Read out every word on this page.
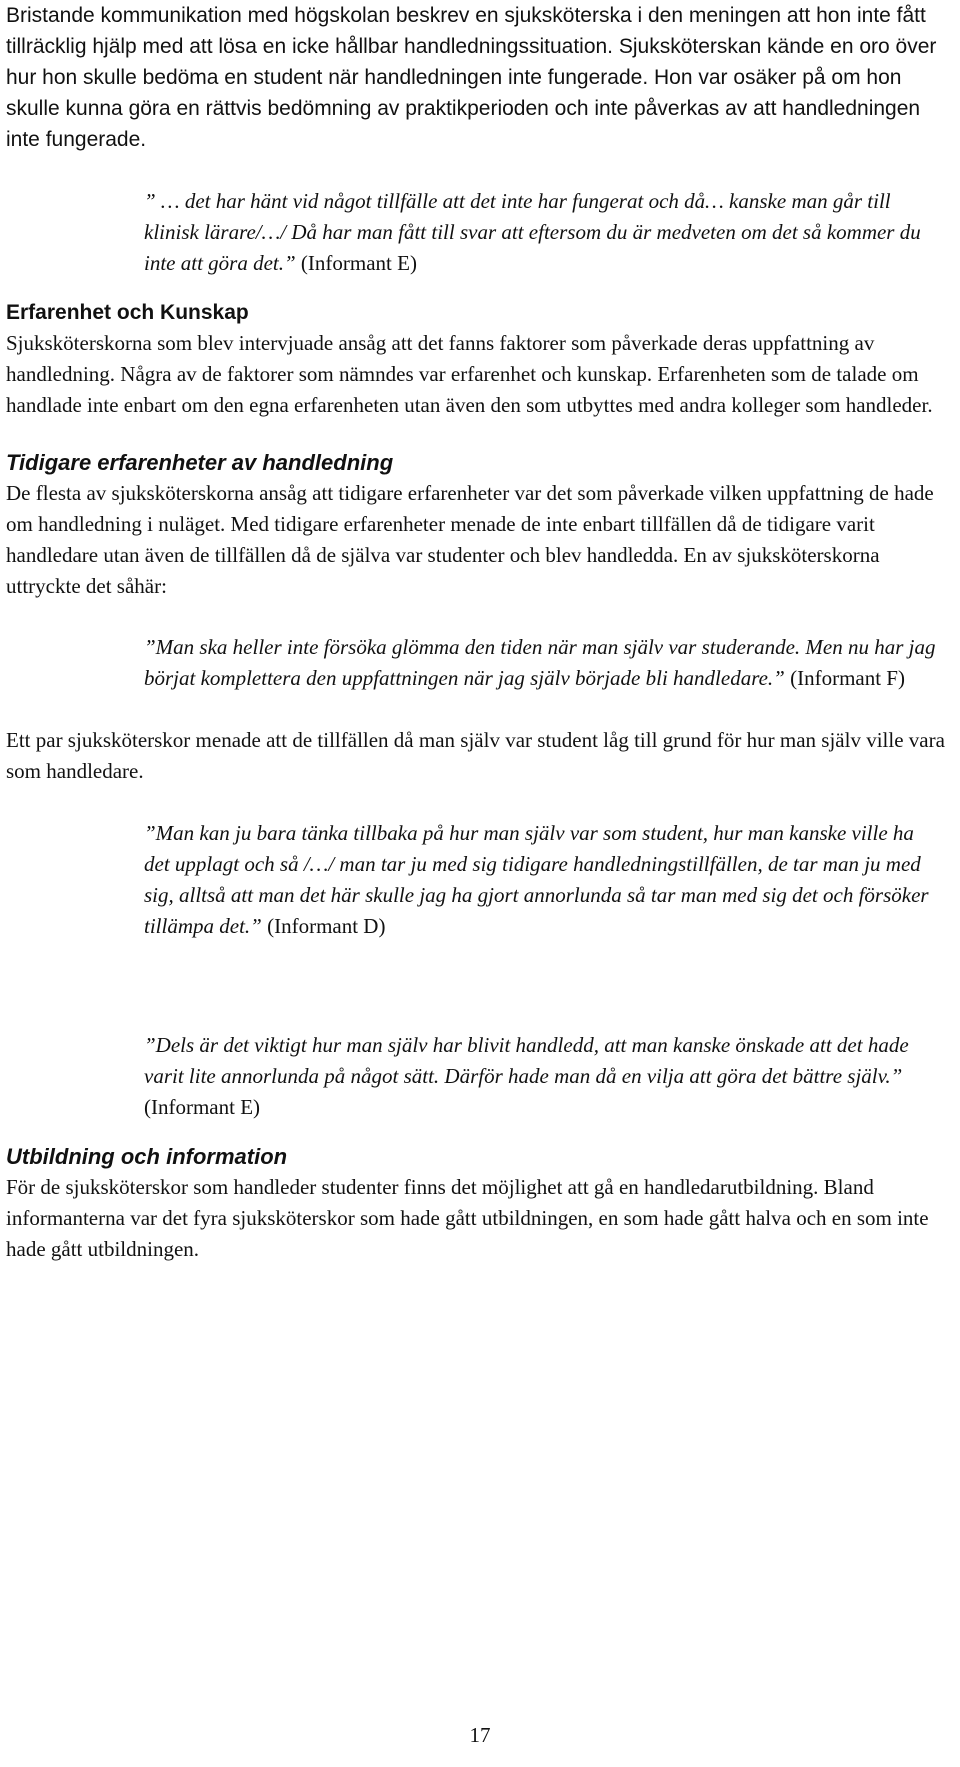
Bristande kommunikation med högskolan beskrev en sjuksköterska i den meningen att hon inte fått tillräcklig hjälp med att lösa en icke hållbar handledningssituation. Sjuksköterskan kände en oro över hur hon skulle bedöma en student när handledningen inte fungerade. Hon var osäker på om hon skulle kunna göra en rättvis bedömning av praktikperioden och inte påverkas av att handledningen inte fungerade.

” … det har hänt vid något tillfälle att det inte har fungerat och då… kanske man går till klinisk lärare/…/ Då har man fått till svar att eftersom du är medveten om det så kommer du inte att göra det.” (Informant E)
Erfarenhet och Kunskap

Sjuksköterskorna som blev intervjuade ansåg att det fanns faktorer som påverkade deras uppfattning av handledning. Några av de faktorer som nämndes var erfarenhet och kunskap. Erfarenheten som de talade om handlade inte enbart om den egna erfarenheten utan även den som utbyttes med andra kolleger som handleder.

Tidigare erfarenheter av handledning

De flesta av sjuksköterskorna ansåg att tidigare erfarenheter var det som påverkade vilken uppfattning de hade om handledning i nuläget. Med tidigare erfarenheter menade de inte enbart tillfällen då de tidigare varit handledare utan även de tillfällen då de själva var studenter och blev handledda. En av sjuksköterskorna uttryckte det såhär:

”Man ska heller inte försöka glömma den tiden när man själv var studerande. Men nu har jag börjat komplettera den uppfattningen när jag själv började bli handledare.” (Informant F)

Ett par sjuksköterskor menade att de tillfällen då man själv var student låg till grund för hur man själv ville vara som handledare.

”Man kan ju bara tänka tillbaka på hur man själv var som student, hur man kanske ville ha det upplagt och så /…/ man tar ju med sig tidigare handledningstillfällen, de tar man ju med sig, alltså att man det här skulle jag ha gjort annorlunda så tar man med sig det och försöker tillämpa det.” (Informant D)
”Dels är det viktigt hur man själv har blivit handledd, att man kanske önskade att det hade varit lite annorlunda på något sätt. Därför hade man då en vilja att göra det bättre själv.”
(Informant E)
Utbildning och information

För de sjuksköterskor som handleder studenter finns det möjlighet att gå en handledarutbildning. Bland informanterna var det fyra sjuksköterskor som hade gått utbildningen, en som hade gått halva och en som inte hade gått utbildningen.

17
